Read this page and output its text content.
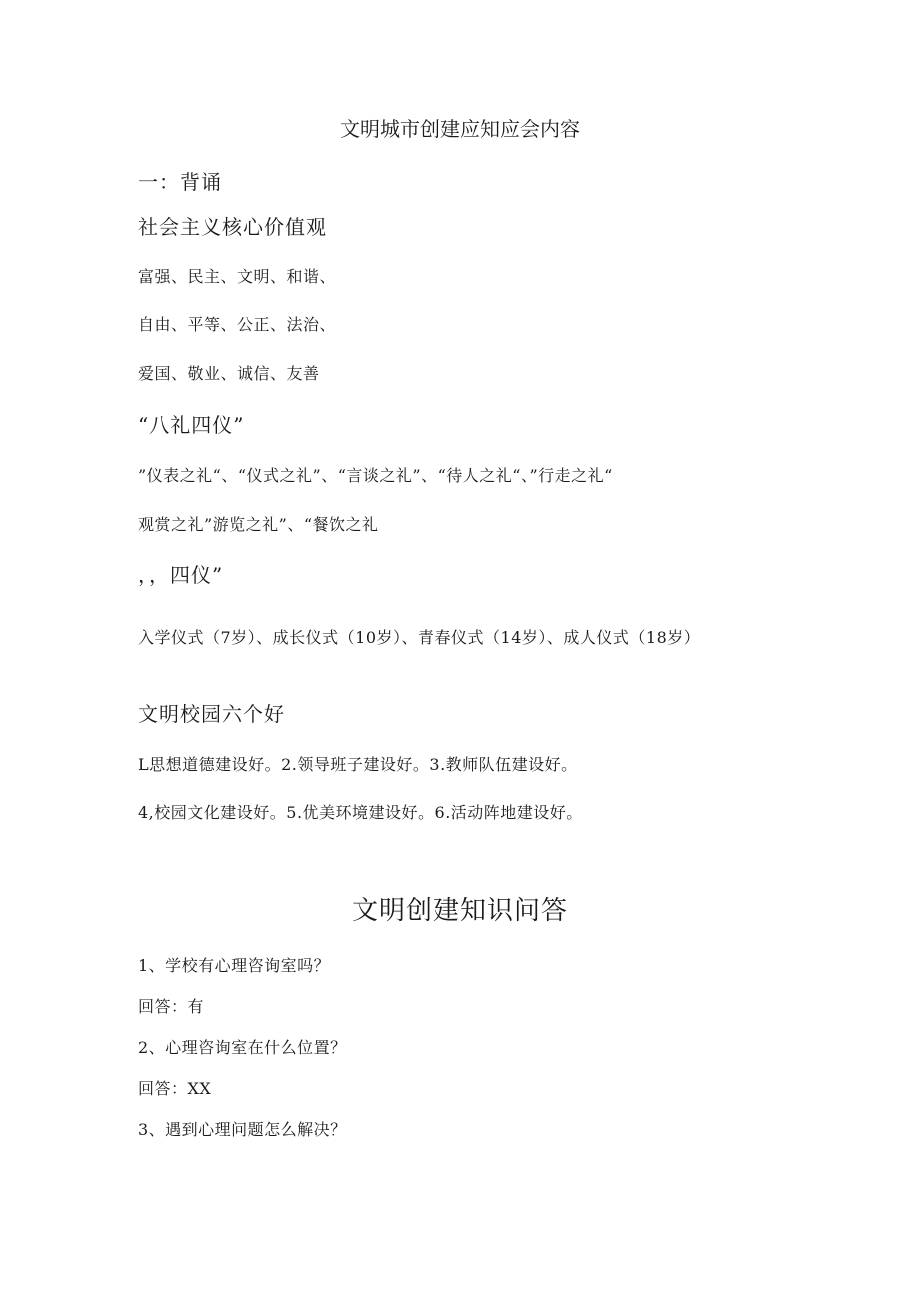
文明城市创建应知应会内容
一：背诵
社会主义核心价值观
富强、民主、文明、和谐、
自由、平等、公正、法治、
爱国、敬业、诚信、友善
“八礼四仪”
”仪表之礼“、“仪式之礼”、“言谈之礼”、“待人之礼“、”行走之礼“
观赏之礼”游览之礼”、“餐饮之礼
，，四仪”
入学仪式（7岁）、成长仪式（10岁）、青春仪式（14岁）、成人仪式（18岁）
文明校园六个好
L思想道德建设好。2.领导班子建设好。3.教师队伍建设好。
4,校园文化建设好。5.优美环境建设好。6.活动阵地建设好。
文明创建知识问答
1、学校有心理咨询室吗？
回答：有
2、心理咨询室在什么位置？
回答：XX
3、遇到心理问题怎么解决？
